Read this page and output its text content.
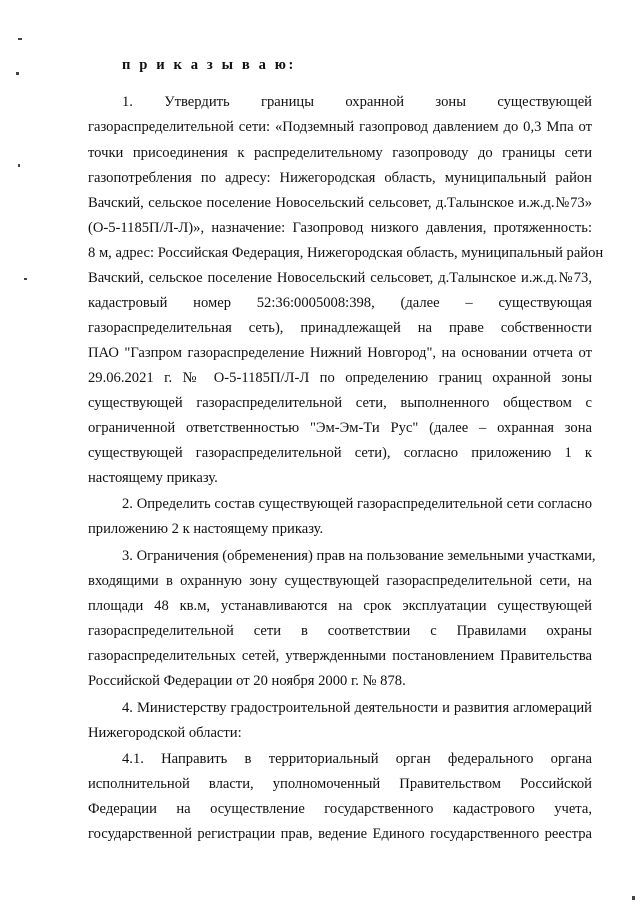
п р и к а з ы в а ю:
1. Утвердить границы охранной зоны существующей
газораспределительной сети: «Подземный газопровод давлением до 0,3 Мпа от
точки присоединения к распределительному газопроводу до границы сети
газопотребления по адресу: Нижегородская область, муниципальный район
Вачский, сельское поселение Новосельский сельсовет, д.Талынское и.ж.д.№73»
(О-5-1185П/Л-Л)», назначение: Газопровод низкого давления, протяженность:
8 м, адрес: Российская Федерация, Нижегородская область, муниципальный район
Вачский, сельское поселение Новосельский сельсовет, д.Талынское и.ж.д.№73,
кадастровый номер 52:36:0005008:398, (далее – существующая
газораспределительная сеть), принадлежащей на праве собственности
ПАО "Газпром газораспределение Нижний Новгород", на основании отчета от
29.06.2021 г. № О-5-1185П/Л-Л по определению границ охранной зоны
существующей газораспределительной сети, выполненного обществом с
ограниченной ответственностью "Эм-Эм-Ти Рус" (далее – охранная зона
существующей газораспределительной сети), согласно приложению 1 к
настоящему приказу.
2. Определить состав существующей газораспределительной сети согласно
приложению 2 к настоящему приказу.
3. Ограничения (обременения) прав на пользование земельными участками,
входящими в охранную зону существующей газораспределительной сети, на
площади 48 кв.м, устанавливаются на срок эксплуатации существующей
газораспределительной сети в соответствии с Правилами охраны
газораспределительных сетей, утвержденными постановлением Правительства
Российской Федерации от 20 ноября 2000 г. № 878.
4. Министерству градостроительной деятельности и развития агломераций
Нижегородской области:
4.1. Направить в территориальный орган федерального органа
исполнительной власти, уполномоченный Правительством Российской
Федерации на осуществление государственного кадастрового учета,
государственной регистрации прав, ведение Единого государственного реестра
